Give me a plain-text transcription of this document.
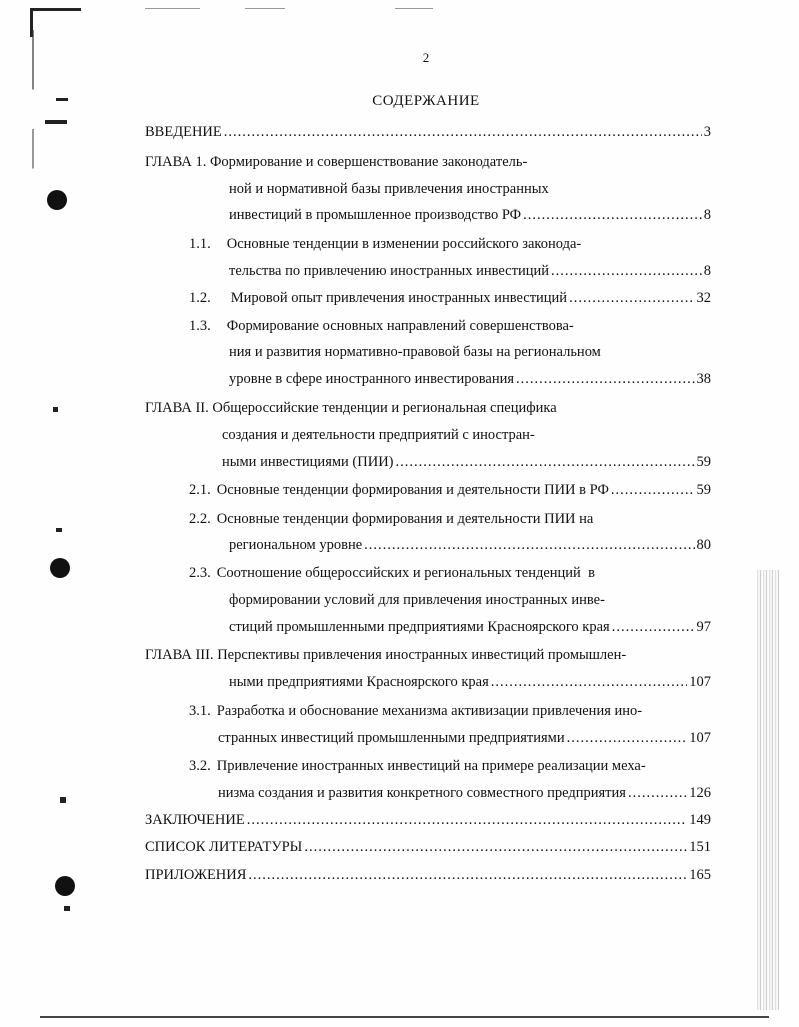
2
СОДЕРЖАНИЕ
ВВЕДЕНИЕ .....	3
ГЛАВА 1. Формирование и совершенствование законодатель-
ной и нормативной базы привлечения иностранных
инвестиций в промышленное производство РФ .....	8
1.1. Основные тенденции в изменении российского законода-
тельства по привлечению иностранных инвестиций .....	8
1.2. Мировой опыт привлечения иностранных инвестиций .....	32
1.3. Формирование основных направлений совершенствова-
ния и развития нормативно-правовой базы на региональном
уровне в сфере иностранного инвестирования .....	38
ГЛАВА II. Общероссийские тенденции и региональная специфика
создания и деятельности предприятий с иностран-
ными инвестициями (ПИИ) .....	59
2.1. Основные тенденции формирования и деятельности ПИИ в РФ .....	59
2.2. Основные тенденции формирования и деятельности ПИИ на
региональном уровне .....	80
2.3. Соотношение общероссийских и региональных тенденций  в
формировании условий для привлечения иностранных инве-
стиций промышленными предприятиями Красноярского края .....	97
ГЛАВА III. Перспективы привлечения иностранных инвестиций промышлен-
ными предприятиями Красноярского края .....	107
3.1. Разработка и обоснование механизма активизации привлечения ино-
странных инвестиций промышленными предприятиями .....	107
3.2. Привлечение иностранных инвестиций на примере реализации меха-
низма создания и развития конкретного совместного предприятия .....	126
ЗАКЛЮЧЕНИЕ .....	149
СПИСОК ЛИТЕРАТУРЫ .....	151
ПРИЛОЖЕНИЯ .....	165
